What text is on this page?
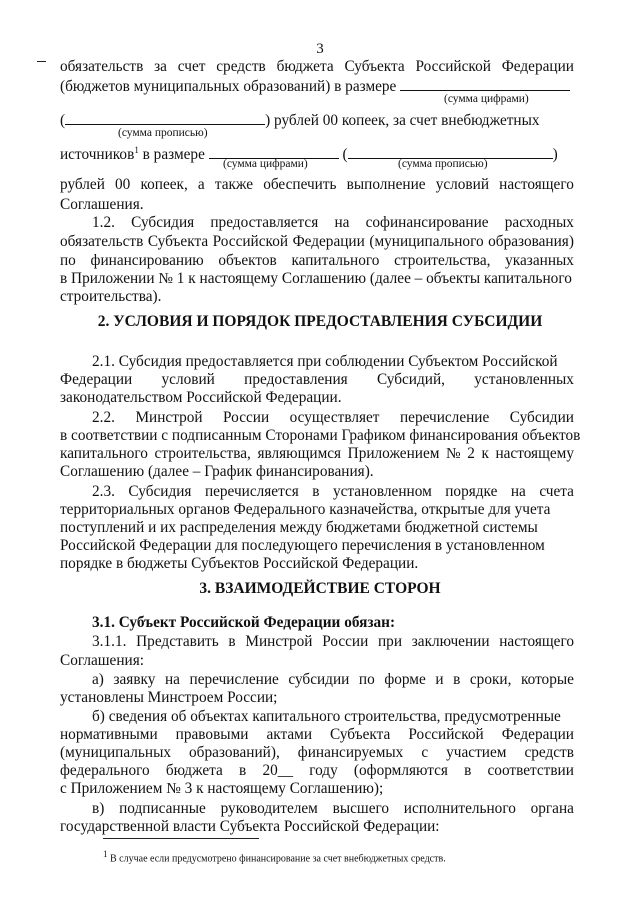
3
обязательств за счет средств бюджета Субъекта Российской Федерации
(бюджетов муниципальных образований) в размере
(сумма цифрами)
(	) рублей 00 копеек, за счет внебюджетных
(сумма прописью)
источников$^1$ в размере	(	)
(сумма цифрами)	(сумма прописью)
рублей 00 копеек, а также обеспечить выполнение условий настоящего
Соглашения.
1.2. Субсидия предоставляется на софинансирование расходных
обязательств Субъекта Российской Федерации (муниципального образования)
по финансированию объектов капитального строительства, указанных
в Приложении № 1 к настоящему Соглашению (далее – объекты капитального
строительства).
2. УСЛОВИЯ И ПОРЯДОК ПРЕДОСТАВЛЕНИЯ СУБСИДИИ
2.1. Субсидия предоставляется при соблюдении Субъектом Российской
Федерации условий предоставления Субсидий, установленных
законодательством Российской Федерации.
2.2. Минстрой России осуществляет перечисление Субсидии
в соответствии с подписанным Сторонами Графиком финансирования объектов
капитального строительства, являющимся Приложением № 2 к настоящему
Соглашению (далее – График финансирования).
2.3. Субсидия перечисляется в установленном порядке на счета
территориальных органов Федерального казначейства, открытые для учета
поступлений и их распределения между бюджетами бюджетной системы
Российской Федерации для последующего перечисления в установленном
порядке в бюджеты Субъектов Российской Федерации.
3. ВЗАИМОДЕЙСТВИЕ СТОРОН
3.1. Субъект Российской Федерации обязан:
3.1.1. Представить в Минстрой России при заключении настоящего
Соглашения:
а) заявку на перечисление субсидии по форме и в сроки, которые
установлены Минстроем России;
б) сведения об объектах капитального строительства, предусмотренные
нормативными правовыми актами Субъекта Российской Федерации
(муниципальных образований), финансируемых с участием средств
федерального бюджета в 20__ году (оформляются в соответствии
с Приложением № 3 к настоящему Соглашению);
в) подписанные руководителем высшего исполнительного органа
государственной власти Субъекта Российской Федерации:
$^1$ В случае если предусмотрено финансирование за счет внебюджетных средств.
